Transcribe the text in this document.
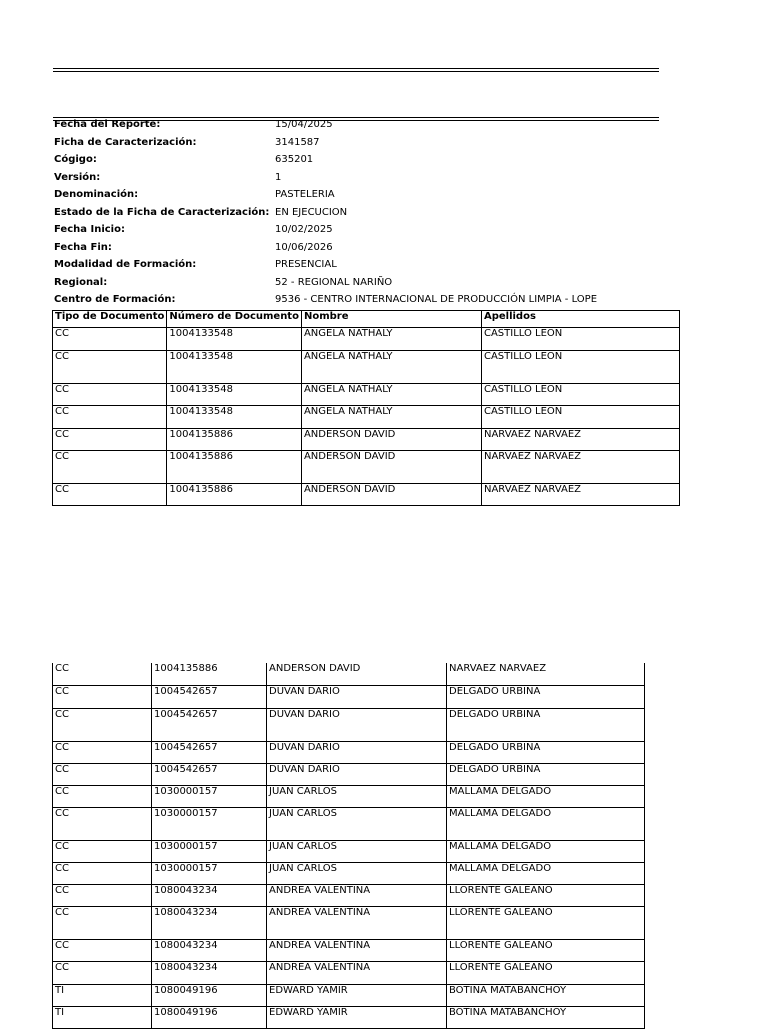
Fecha del Reporte:	15/04/2025
Ficha de Caracterización:	3141587
Cógigo:	635201
Versión:	1
Denominación:	PASTELERIA
Estado de la Ficha de Caracterización: EN EJECUCION
Fecha Inicio:	10/02/2025
Fecha Fin:	10/06/2026
Modalidad de Formación:	PRESENCIAL
Regional:	52 - REGIONAL NARIÑO
Centro de Formación:	9536 - CENTRO INTERNACIONAL DE PRODUCCIÓN LIMPIA - LOPE
Tipo de Documento	Número de Documento	Nombre	Apellidos
CC	1004133548	ANGELA NATHALY	CASTILLO LEON
CC	1004133548	ANGELA NATHALY	CASTILLO LEON
CC	1004133548	ANGELA NATHALY	CASTILLO LEON
CC	1004133548	ANGELA NATHALY	CASTILLO LEON
CC	1004135886	ANDERSON DAVID	NARVAEZ NARVAEZ
CC	1004135886	ANDERSON DAVID	NARVAEZ NARVAEZ
CC	1004135886	ANDERSON DAVID	NARVAEZ NARVAEZ
CC	1004135886	ANDERSON DAVID	NARVAEZ NARVAEZ
CC	1004542657	DUVAN DARIO	DELGADO URBINA
CC	1004542657	DUVAN DARIO	DELGADO URBINA
CC	1004542657	DUVAN DARIO	DELGADO URBINA
CC	1004542657	DUVAN DARIO	DELGADO URBINA
CC	1030000157	JUAN CARLOS	MALLAMA DELGADO
CC	1030000157	JUAN CARLOS	MALLAMA DELGADO
CC	1030000157	JUAN CARLOS	MALLAMA DELGADO
CC	1030000157	JUAN CARLOS	MALLAMA DELGADO
CC	1080043234	ANDREA VALENTINA	LLORENTE GALEANO
CC	1080043234	ANDREA VALENTINA	LLORENTE GALEANO
CC	1080043234	ANDREA VALENTINA	LLORENTE GALEANO
CC	1080043234	ANDREA VALENTINA	LLORENTE GALEANO
TI	1080049196	EDWARD YAMIR	BOTINA MATABANCHOY
TI	1080049196	EDWARD YAMIR	BOTINA MATABANCHOY
